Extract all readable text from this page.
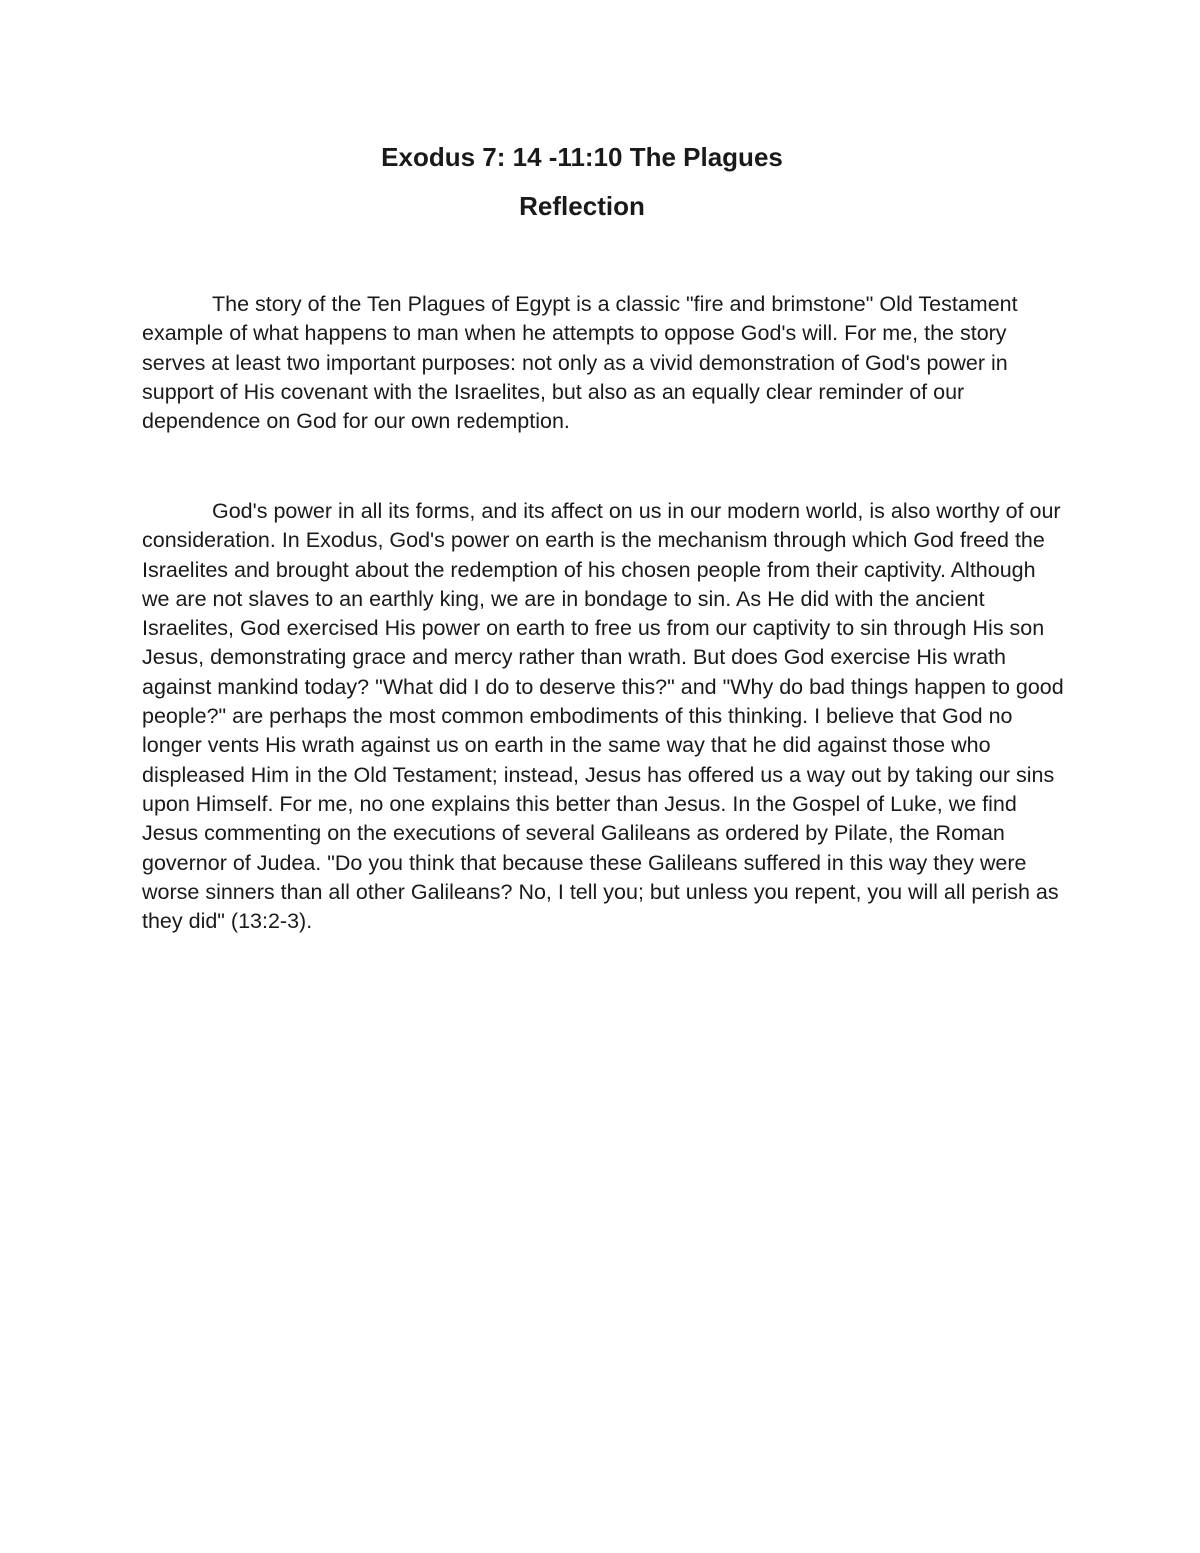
Exodus 7: 14 -11:10 The Plagues
Reflection

The story of the Ten Plagues of Egypt is a classic "fire and brimstone" Old Testament example of what happens to man when he attempts to oppose God's will. For me, the story serves at least two important purposes: not only as a vivid demonstration of God's power in support of His covenant with the Israelites, but also as an equally clear reminder of our dependence on God for our own redemption.

God's power in all its forms, and its affect on us in our modern world, is also worthy of our consideration. In Exodus, God's power on earth is the mechanism through which God freed the Israelites and brought about the redemption of his chosen people from their captivity. Although we are not slaves to an earthly king, we are in bondage to sin. As He did with the ancient Israelites, God exercised His power on earth to free us from our captivity to sin through His son Jesus, demonstrating grace and mercy rather than wrath. But does God exercise His wrath against mankind today? "What did I do to deserve this?" and "Why do bad things happen to good people?" are perhaps the most common embodiments of this thinking. I believe that God no longer vents His wrath against us on earth in the same way that he did against those who displeased Him in the Old Testament; instead, Jesus has offered us a way out by taking our sins upon Himself. For me, no one explains this better than Jesus. In the Gospel of Luke, we find Jesus commenting on the executions of several Galileans as ordered by Pilate, the Roman governor of Judea. "Do you think that because these Galileans suffered in this way they were worse sinners than all other Galileans? No, I tell you; but unless you repent, you will all perish as they did" (13:2-3).
